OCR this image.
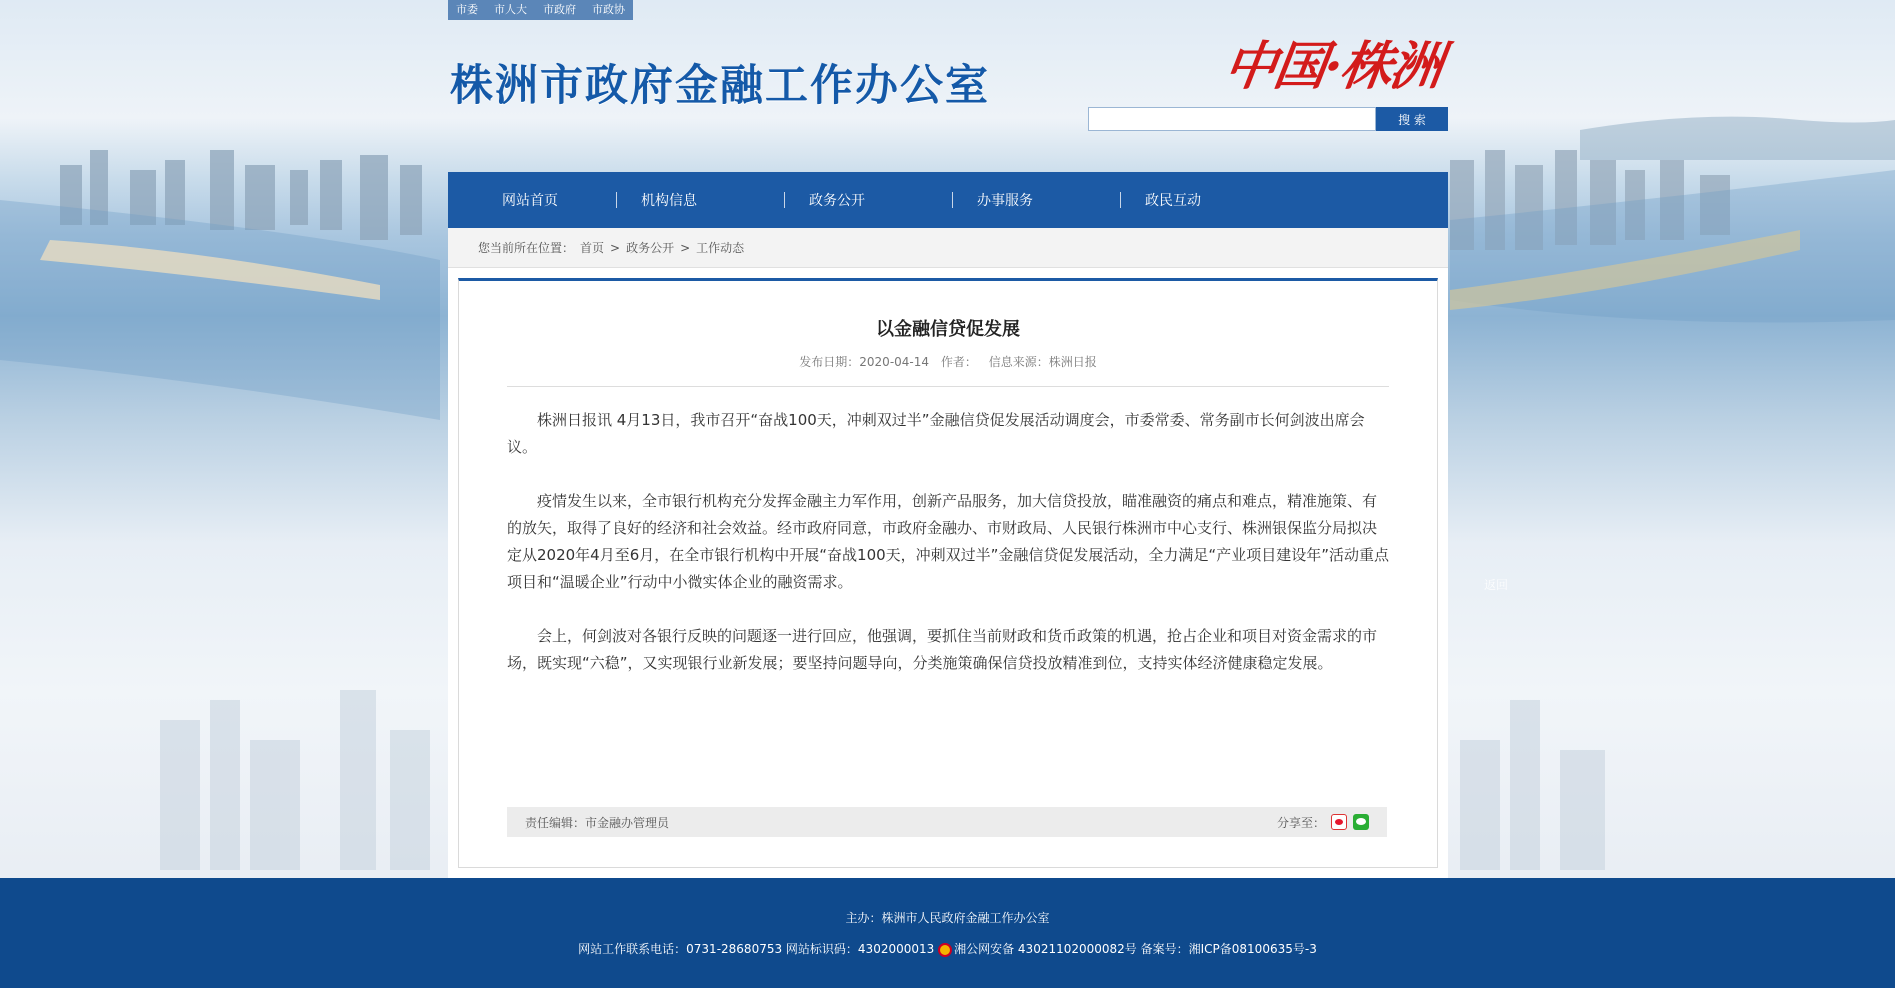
市委	市人大	市政府	市政协
株洲市政府金融工作办公室	中国·株洲
搜 索
网站首页	机构信息	政务公开	办事服务	政民互动
您当前所在位置： 首页 > 政务公开 > 工作动态
以金融信贷促发展
发布日期：2020-04-14 作者： 信息来源：株洲日报

株洲日报讯 4月13日，我市召开“奋战100天，冲刺双过半”金融信贷促发展活动调度会，市委常委、常务副市长何剑波出席会议。

疫情发生以来，全市银行机构充分发挥金融主力军作用，创新产品服务，加大信贷投放，瞄准融资的痛点和难点，精准施策、有的放矢，取得了良好的经济和社会效益。经市政府同意，市政府金融办、市财政局、人民银行株洲市中心支行、株洲银保监分局拟决定从2020年4月至6月，在全市银行机构中开展“奋战100天，冲刺双过半”金融信贷促发展活动，全力满足“产业项目建设年”活动重点项目和“温暖企业”行动中小微实体企业的融资需求。

会上，何剑波对各银行反映的问题逐一进行回应，他强调，要抓住当前财政和货币政策的机遇，抢占企业和项目对资金需求的市场，既实现“六稳”，又实现银行业新发展；要坚持问题导向，分类施策确保信贷投放精准到位，支持实体经济健康稳定发展。

责任编辑：市金融办管理员	分享至：
返回
主办：株洲市人民政府金融工作办公室
网站工作联系电话：0731-28680753 网站标识码：4302000013 湘公网安备 43021102000082号 备案号：湘ICP备08100635号-3
